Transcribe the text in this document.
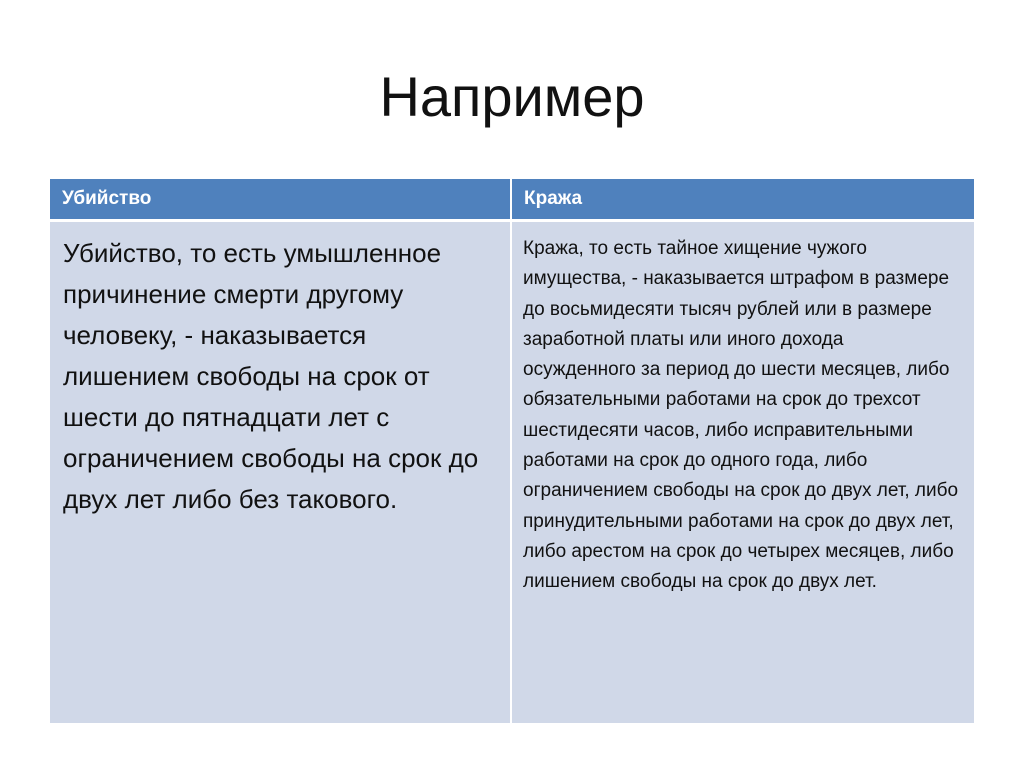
Например
Убийство	Кража

Убийство, то есть умышленное причинение смерти другому человеку, - наказывается лишением свободы на срок от шести до пятнадцати лет с ограничением свободы на срок до двух лет либо без такового.	Кража, то есть тайное хищение чужого имущества, - наказывается штрафом в размере до восьмидесяти тысяч рублей или в размере заработной платы или иного дохода осужденного за период до шести месяцев, либо обязательными работами на срок до трехсот шестидесяти часов, либо исправительными работами на срок до одного года, либо ограничением свободы на срок до двух лет, либо принудительными работами на срок до двух лет, либо арестом на срок до четырех месяцев, либо лишением свободы на срок до двух лет.
